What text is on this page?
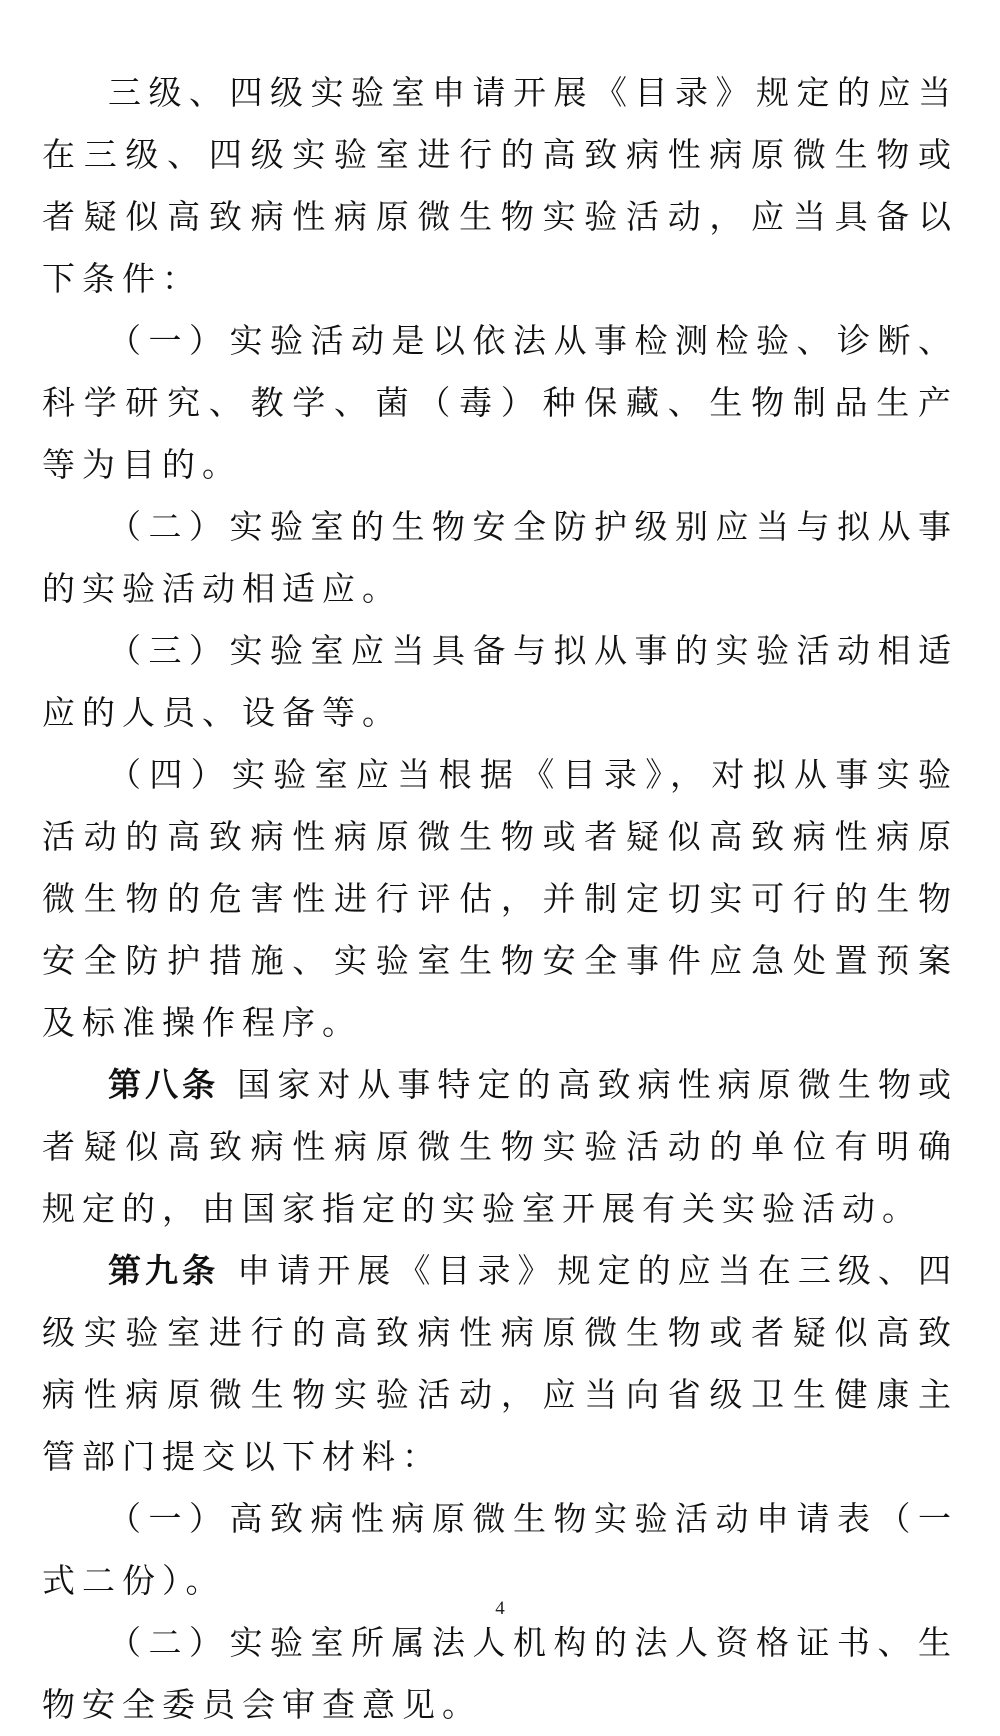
三级、四级实验室申请开展《目录》规定的应当在三级、四级实验室进行的高致病性病原微生物或者疑似高致病性病原微生物实验活动，应当具备以下条件：

（一）实验活动是以依法从事检测检验、诊断、科学研究、教学、菌（毒）种保藏、生物制品生产等为目的。

（二）实验室的生物安全防护级别应当与拟从事的实验活动相适应。

（三）实验室应当具备与拟从事的实验活动相适应的人员、设备等。

（四）实验室应当根据《目录》，对拟从事实验活动的高致病性病原微生物或者疑似高致病性病原微生物的危害性进行评估，并制定切实可行的生物安全防护措施、实验室生物安全事件应急处置预案及标准操作程序。

第八条 国家对从事特定的高致病性病原微生物或者疑似高致病性病原微生物实验活动的单位有明确规定的，由国家指定的实验室开展有关实验活动。

第九条 申请开展《目录》规定的应当在三级、四级实验室进行的高致病性病原微生物或者疑似高致病性病原微生物实验活动，应当向省级卫生健康主管部门提交以下材料：

（一）高致病性病原微生物实验活动申请表（一式二份）。

（二）实验室所属法人机构的法人资格证书、生物安全委员会审查意见。

4
